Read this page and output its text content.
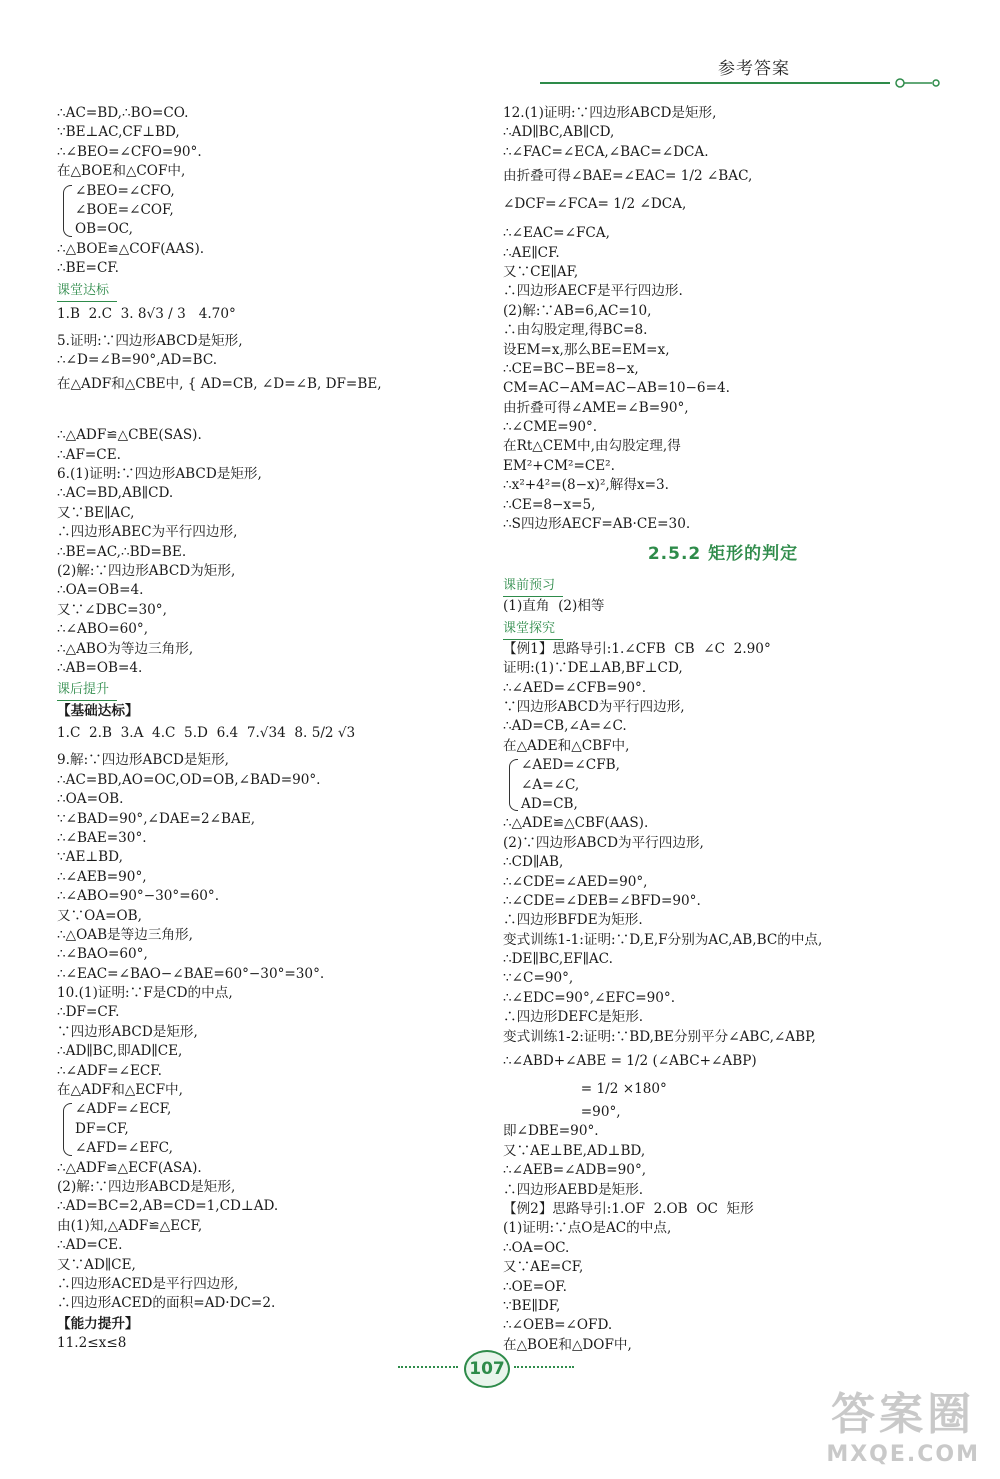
参考答案
∴AC=BD,∴BO=CO.
∵BE⊥AC,CF⊥BD,
∴∠BEO=∠CFO=90°.
在△BOE和△COF中,
∠BEO=∠CFO,
∠BOE=∠COF,
OB=OC,
∴△BOE≌△COF(AAS).
∴BE=CF.
课堂达标
1.B  2.C  3. 8√3 / 3   4.70°
5.证明:∵四边形ABCD是矩形,
∴∠D=∠B=90°,AD=BC.
在△ADF和△CBE中, { AD=CB, ∠D=∠B, DF=BE,

∴△ADF≌△CBE(SAS).
∴AF=CE.
6.(1)证明:∵四边形ABCD是矩形,
∴AC=BD,AB∥CD.
又∵BE∥AC,
∴四边形ABEC为平行四边形,
∴BE=AC,∴BD=BE.
(2)解:∵四边形ABCD为矩形,
∴OA=OB=4.
又∵∠DBC=30°,
∴∠ABO=60°,
∴△ABO为等边三角形,
∴AB=OB=4.
课后提升
【基础达标】
1.C  2.B  3.A  4.C  5.D  6.4  7.√34  8. 5/2 √3
9.解:∵四边形ABCD是矩形,
∴AC=BD,AO=OC,OD=OB,∠BAD=90°.
∴OA=OB.
∵∠BAD=90°,∠DAE=2∠BAE,
∴∠BAE=30°.
∵AE⊥BD,
∴∠AEB=90°,
∴∠ABO=90°−30°=60°.
又∵OA=OB,
∴△OAB是等边三角形,
∴∠BAO=60°,
∴∠EAC=∠BAO−∠BAE=60°−30°=30°.
10.(1)证明:∵F是CD的中点,
∴DF=CF.
∵四边形ABCD是矩形,
∴AD∥BC,即AD∥CE,
∴∠ADF=∠ECF.
在△ADF和△ECF中,
∠ADF=∠ECF,
DF=CF,
∠AFD=∠EFC,
∴△ADF≌△ECF(ASA).
(2)解:∵四边形ABCD是矩形,
∴AD=BC=2,AB=CD=1,CD⊥AD.
由(1)知,△ADF≌△ECF,
∴AD=CE.
又∵AD∥CE,
∴四边形ACED是平行四边形,
∴四边形ACED的面积=AD·DC=2.
【能力提升】
11.2≤x≤8
12.(1)证明:∵四边形ABCD是矩形,
∴AD∥BC,AB∥CD,
∴∠FAC=∠ECA,∠BAC=∠DCA.
由折叠可得∠BAE=∠EAC= 1/2 ∠BAC,
∠DCF=∠FCA= 1/2 ∠DCA,
∴∠EAC=∠FCA,
∴AE∥CF.
又∵CE∥AF,
∴四边形AECF是平行四边形.
(2)解:∵AB=6,AC=10,
∴由勾股定理,得BC=8.
设EM=x,那么BE=EM=x,
∴CE=BC−BE=8−x,
CM=AC−AM=AC−AB=10−6=4.
由折叠可得∠AME=∠B=90°,
∴∠CME=90°.
在Rt△CEM中,由勾股定理,得
EM²+CM²=CE².
∴x²+4²=(8−x)²,解得x=3.
∴CE=8−x=5,
∴S四边形AECF=AB·CE=30.
2.5.2 矩形的判定
课前预习
(1)直角  (2)相等
课堂探究
【例1】思路导引:1.∠CFB  CB  ∠C  2.90°
证明:(1)∵DE⊥AB,BF⊥CD,
∴∠AED=∠CFB=90°.
∵四边形ABCD为平行四边形,
∴AD=CB,∠A=∠C.
在△ADE和△CBF中,
∠AED=∠CFB,
∠A=∠C,
AD=CB,
∴△ADE≌△CBF(AAS).
(2)∵四边形ABCD为平行四边形,
∴CD∥AB,
∴∠CDE=∠AED=90°,
∴∠CDE=∠DEB=∠BFD=90°.
∴四边形BFDE为矩形.
变式训练1-1:证明:∵D,E,F分别为AC,AB,BC的中点,
∴DE∥BC,EF∥AC.
∵∠C=90°,
∴∠EDC=90°,∠EFC=90°.
∴四边形DEFC是矩形.
变式训练1-2:证明:∵BD,BE分别平分∠ABC,∠ABP,
∴∠ABD+∠ABE = 1/2 (∠ABC+∠ABP)
= 1/2 ×180°
=90°,
即∠DBE=90°.
又∵AE⊥BE,AD⊥BD,
∴∠AEB=∠ADB=90°,
∴四边形AEBD是矩形.
【例2】思路导引:1.OF  2.OB  OC  矩形
(1)证明:∵点O是AC的中点,
∴OA=OC.
又∵AE=CF,
∴OE=OF.
∵BE∥DF,
∴∠OEB=∠OFD.
在△BOE和△DOF中,
107
答案圈
MXQE.COM
